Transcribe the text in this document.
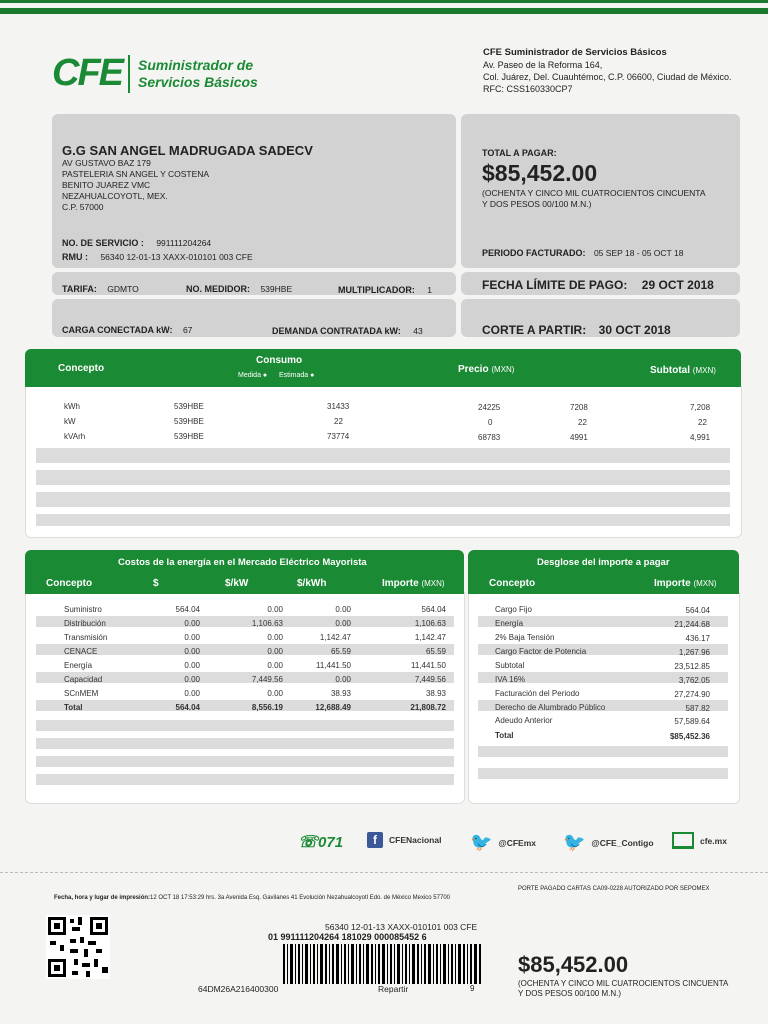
CFE Suministrador de
Servicios Básicos
CFE Suministrador de Servicios Básicos
Av. Paseo de la Reforma 164,
Col. Juárez, Del. Cuauhtémoc, C.P. 06600, Ciudad de México.
RFC: CSS160330CP7
G.G SAN ANGEL MADRUGADA SADECV
AV GUSTAVO BAZ 179
PASTELERIA SN ANGEL Y COSTENA
BENITO JUAREZ VMC
NEZAHUALCOYOTL, MEX.
C.P. 57000
NO. DE SERVICIO : 991111204264
RMU : 56340 12-01-13 XAXX-010101 003 CFE
TARIFA: GDMTO	NO. MEDIDOR: 539HBE	MULTIPLICADOR: 1
CARGA CONECTADA kW: 67	DEMANDA CONTRATADA kW: 43
TOTAL A PAGAR:
$85,452.00
(OCHENTA Y CINCO MIL CUATROCIENTOS CINCUENTA Y DOS PESOS 00/100 M.N.)
PERIODO FACTURADO: 05 SEP 18 - 05 OCT 18
FECHA LÍMITE DE PAGO: 29 OCT 2018
CORTE A PARTIR: 30 OCT 2018
Concepto
Consumo
Medida ● Estimada ●
Precio (MXN)	Subtotal (MXN)
kWh	539HBE	31433	24225	7208	7,208
kW	539HBE	22	0	22	22
kVArh	539HBE	73774	68783	4991	4,991
Costos de la energía en el Mercado Eléctrico Mayorista
Concepto	$	$/kW	$/kWh	Importe (MXN)
Suministro	564.04	0.00	0.00	564.04
Distribución	0.00	1,106.63	0.00	1,106.63
Transmisión	0.00	0.00	1,142.47	1,142.47
CENACE	0.00	0.00	65.59	65.59
Energía	0.00	0.00	11,441.50	11,441.50
Capacidad	0.00	7,449.56	0.00	7,449.56
SCnMEM	0.00	0.00	38.93	38.93
Total	564.04	8,556.19	12,688.49	21,808.72
Desglose del importe a pagar
Concepto	Importe (MXN)
Cargo Fijo	564.04
Energía	21,244.68
2% Baja Tensión	436.17
Cargo Factor de Potencia	1,267.96
Subtotal	23,512.85
IVA 16%	3,762.05
Facturación del Periodo	27,274.90
Derecho de Alumbrado Público	587.82
Adeudo Anterior	57,589.64
Total	$85,452.36
☏ 071	f	CFENacional 🐦 @CFEmx 🐦 @CFE_Contigo	cfe.mx
Fecha, hora y lugar de impresión:12 OCT 18 17:53:29 hrs. 3a Avenida Esq. Gavilanes 41 Evolución Nezahualcoyotl Edo. de México Mexico 57700
PORTE PAGADO CARTAS CA09-0228 AUTORIZADO POR SEPOMEX
56340 12-01-13 XAXX-010101 003 CFE
01 991111204264 181029 000085452 6
64DM26A216400300	Repartir	9
$85,452.00
(OCHENTA Y CINCO MIL CUATROCIENTOS CINCUENTA Y DOS PESOS 00/100 M.N.)
